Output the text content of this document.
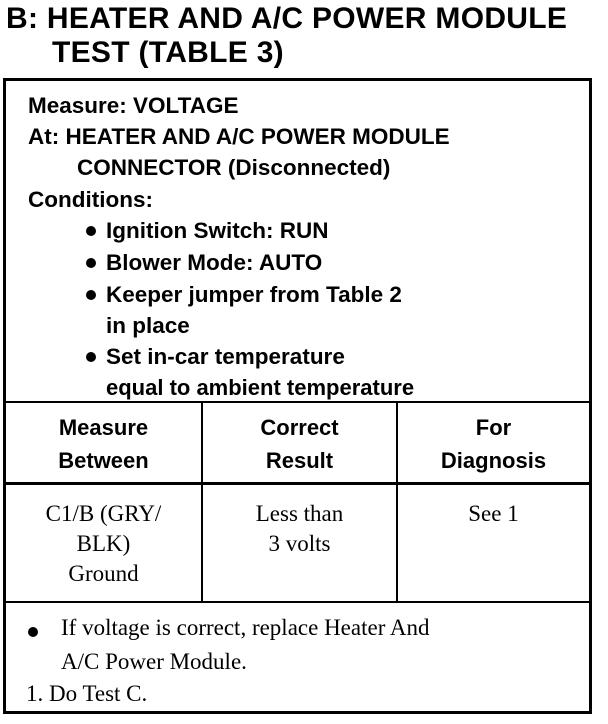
B: HEATER AND A/C POWER MODULE
TEST (TABLE 3)
Measure: VOLTAGE
At: HEATER AND A/C POWER MODULE
CONNECTOR (Disconnected)
Conditions:
Ignition Switch: RUN
Blower Mode: AUTO
Keeper jumper from Table 2
in place
Set in-car temperature
equal to ambient temperature
Measure
Between
Correct
Result
For
Diagnosis
C1/B (GRY/
BLK)
Ground
Less than
3 volts
See 1
If voltage is correct, replace Heater And
A/C Power Module.
1. Do Test C.
